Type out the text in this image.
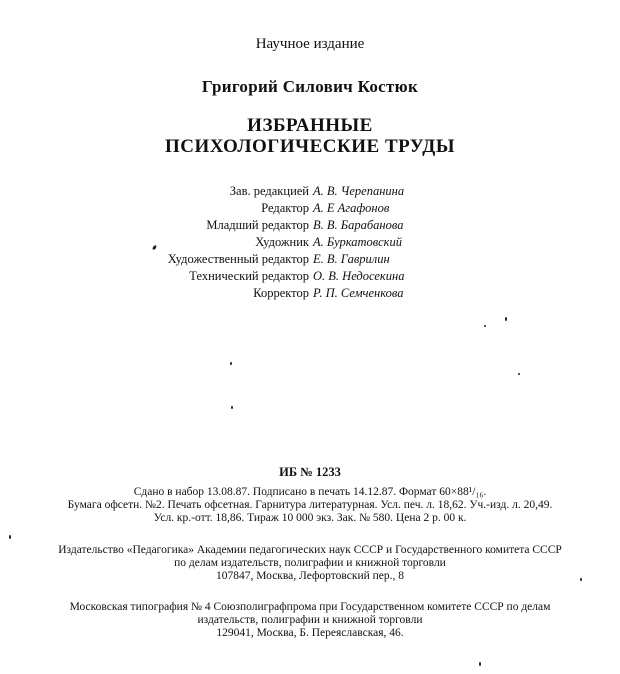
Научное издание
Григорий Силович Костюк
ИЗБРАННЫЕ
ПСИХОЛОГИЧЕСКИЕ ТРУДЫ
Зав. редакцией А. В. Черепанина
Редактор А. Е Агафонов
Младший редактор В. В. Барабанова
Художник А. Буркатовский
Художественный редактор Е. В. Гаврилин
Технический редактор О. В. Недосекина
Корректор Р. П. Семченкова
ИБ № 1233
Сдано в набор 13.08.87. Подписано в печать 14.12.87. Формат 60×88¹/₁₆.
Бумага офсетн. №2. Печать офсетная. Гарнитура литературная. Усл. печ. л. 18,62. Уч.-изд. л. 20,49.
Усл. кр.-отт. 18,86. Тираж 10 000 экз. Зак. № 580. Цена 2 р. 00 к.
Издательство «Педагогика» Академии педагогических наук СССР и Государственного комитета СССР
по делам издательств, полиграфии и книжной торговли
107847, Москва, Лефортовский пер., 8
Московская типография № 4 Союзполиграфпрома при Государственном комитете СССР по делам
издательств, полиграфии и книжной торговли
129041, Москва, Б. Переяславская, 46.
